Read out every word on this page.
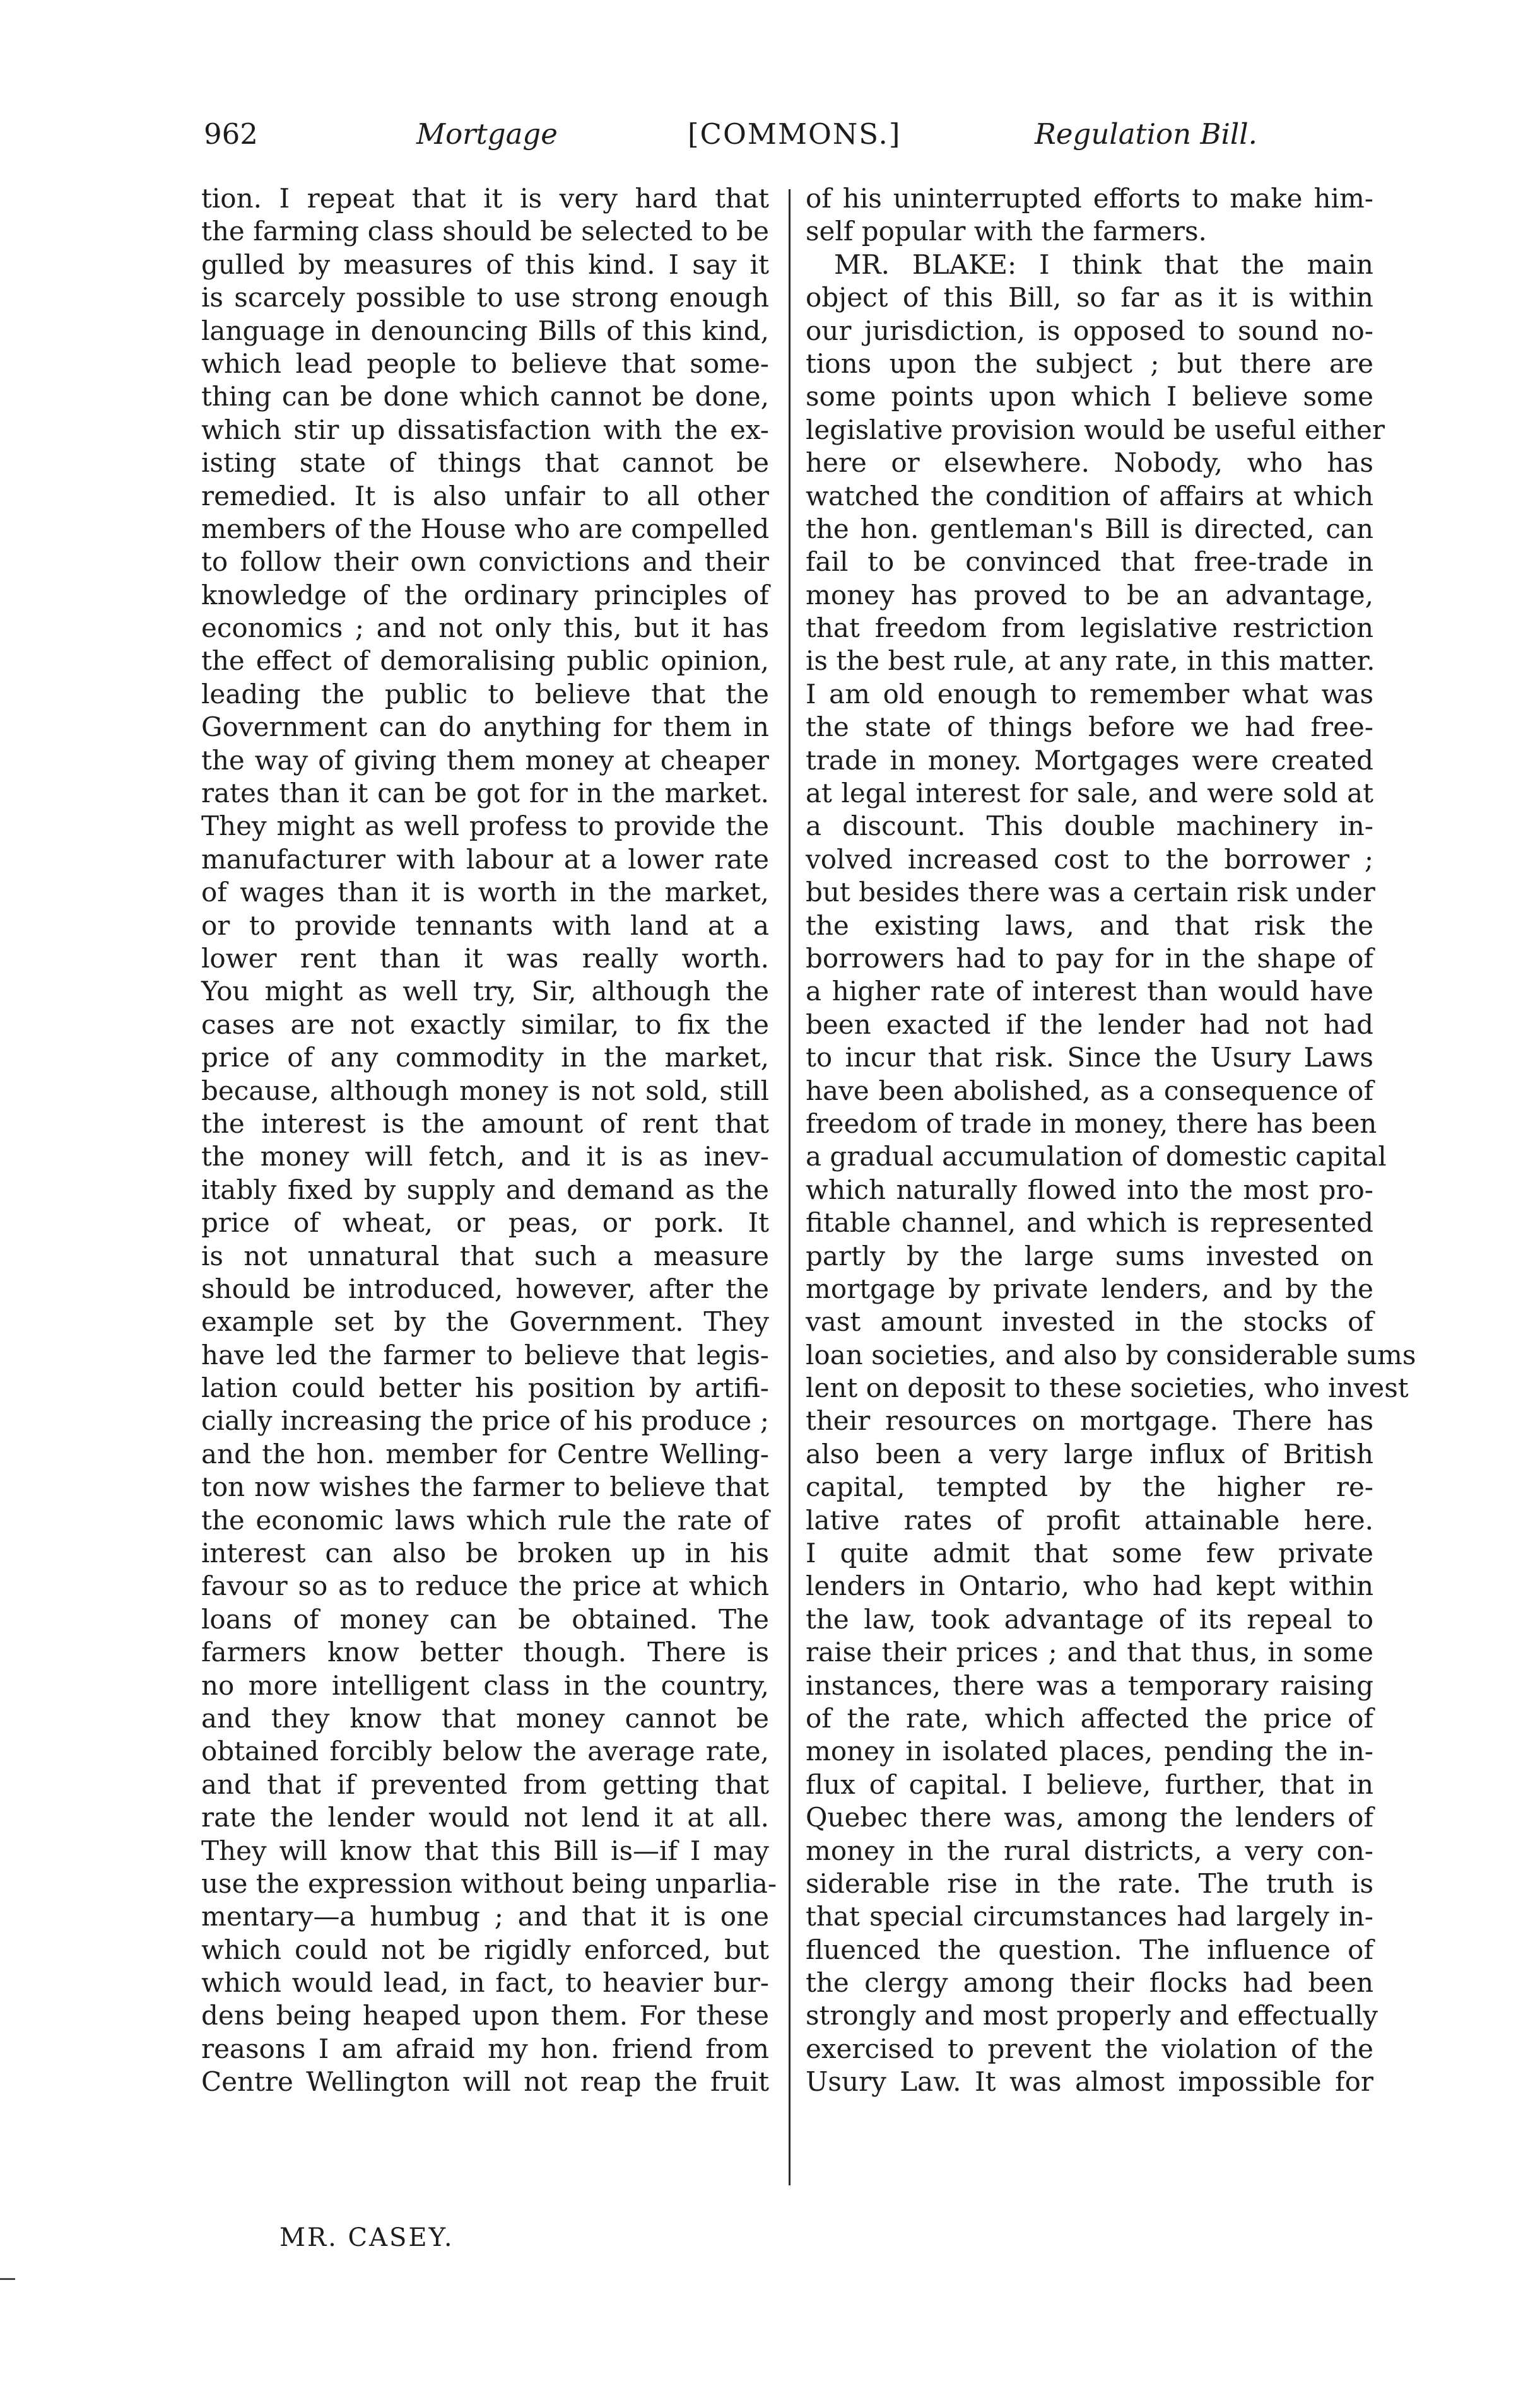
962	Mortgage	[COMMONS.]	Regulation Bill.
tion. I repeat that it is very hard that
the farming class should be selected to be
gulled by measures of this kind. I say it
is scarcely possible to use strong enough
language in denouncing Bills of this kind,
which lead people to believe that some-
thing can be done which cannot be done,
which stir up dissatisfaction with the ex-
isting state of things that cannot be
remedied. It is also unfair to all other
members of the House who are compelled
to follow their own convictions and their
knowledge of the ordinary principles of
economics ; and not only this, but it has
the effect of demoralising public opinion,
leading the public to believe that the
Government can do anything for them in
the way of giving them money at cheaper
rates than it can be got for in the market.
They might as well profess to provide the
manufacturer with labour at a lower rate
of wages than it is worth in the market,
or to provide tennants with land at a
lower rent than it was really worth.
You might as well try, Sir, although the
cases are not exactly similar, to fix the
price of any commodity in the market,
because, although money is not sold, still
the interest is the amount of rent that
the money will fetch, and it is as inev-
itably fixed by supply and demand as the
price of wheat, or peas, or pork. It
is not unnatural that such a measure
should be introduced, however, after the
example set by the Government. They
have led the farmer to believe that legis-
lation could better his position by artifi-
cially increasing the price of his produce ;
and the hon. member for Centre Welling-
ton now wishes the farmer to believe that
the economic laws which rule the rate of
interest can also be broken up in his
favour so as to reduce the price at which
loans of money can be obtained. The
farmers know better though. There is
no more intelligent class in the country,
and they know that money cannot be
obtained forcibly below the average rate,
and that if prevented from getting that
rate the lender would not lend it at all.
They will know that this Bill is—if I may
use the expression without being unparlia-
mentary—a humbug ; and that it is one
which could not be rigidly enforced, but
which would lead, in fact, to heavier bur-
dens being heaped upon them. For these
reasons I am afraid my hon. friend from
Centre Wellington will not reap the fruit
of his uninterrupted efforts to make him-
self popular with the farmers.
MR. BLAKE: I think that the main
object of this Bill, so far as it is within
our jurisdiction, is opposed to sound no-
tions upon the subject ; but there are
some points upon which I believe some
legislative provision would be useful either
here or elsewhere. Nobody, who has
watched the condition of affairs at which
the hon. gentleman's Bill is directed, can
fail to be convinced that free-trade in
money has proved to be an advantage,
that freedom from legislative restriction
is the best rule, at any rate, in this matter.
I am old enough to remember what was
the state of things before we had free-
trade in money. Mortgages were created
at legal interest for sale, and were sold at
a discount. This double machinery in-
volved increased cost to the borrower ;
but besides there was a certain risk under
the existing laws, and that risk the
borrowers had to pay for in the shape of
a higher rate of interest than would have
been exacted if the lender had not had
to incur that risk. Since the Usury Laws
have been abolished, as a consequence of
freedom of trade in money, there has been
a gradual accumulation of domestic capital
which naturally flowed into the most pro-
fitable channel, and which is represented
partly by the large sums invested on
mortgage by private lenders, and by the
vast amount invested in the stocks of
loan societies, and also by considerable sums
lent on deposit to these societies, who invest
their resources on mortgage. There has
also been a very large influx of British
capital, tempted by the higher re-
lative rates of profit attainable here.
I quite admit that some few private
lenders in Ontario, who had kept within
the law, took advantage of its repeal to
raise their prices ; and that thus, in some
instances, there was a temporary raising
of the rate, which affected the price of
money in isolated places, pending the in-
flux of capital. I believe, further, that in
Quebec there was, among the lenders of
money in the rural districts, a very con-
siderable rise in the rate. The truth is
that special circumstances had largely in-
fluenced the question. The influence of
the clergy among their flocks had been
strongly and most properly and effectually
exercised to prevent the violation of the
Usury Law. It was almost impossible for
MR. CASEY.
